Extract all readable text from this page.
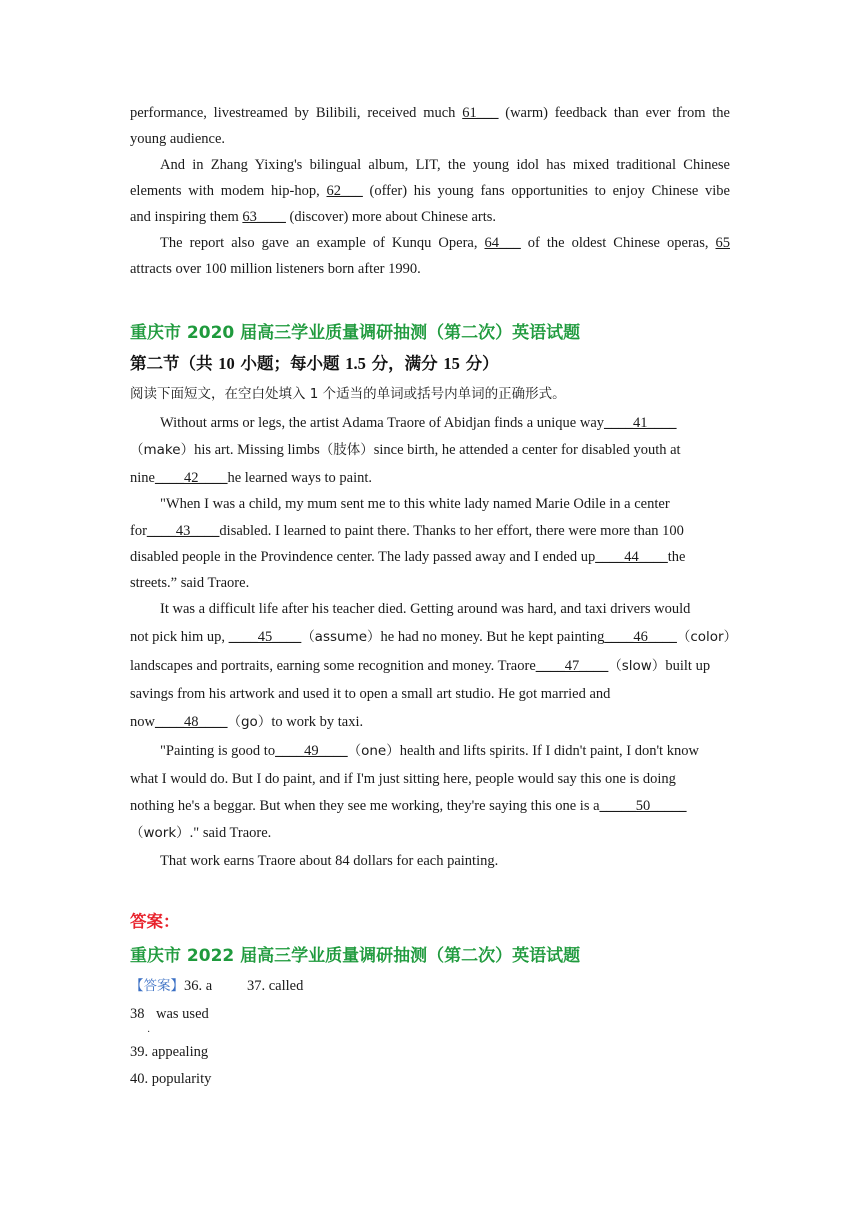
performance, livestreamed by Bilibili, received much 61___ (warm) feedback than ever from the
young audience.
And in Zhang Yixing's bilingual album, LIT, the young idol has mixed traditional Chinese
elements with modem hip-hop, 62___ (offer) his young fans opportunities to enjoy Chinese vibe
and inspiring them 63____ (discover) more about Chinese arts.
The report also gave an example of Kunqu Opera, 64___ of the oldest Chinese operas, 65
attracts over 100 million listeners born after 1990.
重庆市 2020 届高三学业质量调研抽测（第二次）英语试题
第二节（共 10 小题；每小题 1.5 分，满分 15 分）
阅读下面短文，在空白处填入 1 个适当的单词或括号内单词的正确形式。
Without arms or legs, the artist Adama Traore of Abidjan finds a unique way____41____
（make）his art. Missing limbs（肢体）since birth, he attended a center for disabled youth at
nine____42____he learned ways to paint.
"When I was a child, my mum sent me to this white lady named Marie Odile in a center
for____43____disabled. I learned to paint there. Thanks to her effort, there were more than 100
disabled people in the Provindence center. The lady passed away and I ended up____44____the
streets.” said Traore.
It was a difficult life after his teacher died. Getting around was hard, and taxi drivers would
not pick him up, ____45____（assume）he had no money. But he kept painting____46____（color）
landscapes and portraits, earning some recognition and money. Traore____47____（slow）built up
savings from his artwork and used it to open a small art studio. He got married and
now____48____（go）to work by taxi.
"Painting is good to____49____（one）health and lifts spirits. If I didn't paint, I don't know
what I would do. But I do paint, and if I'm just sitting here, people would say this one is doing
nothing he's a beggar. But when they see me working, they're saying this one is a_____50_____
（work）." said Traore.
That work earns Traore about 84 dollars for each painting.
答案：
重庆市 2022 届高三学业质量调研抽测（第二次）英语试题
【答案】36. a 37. called
38 was used
·
39. appealing
40. popularity
